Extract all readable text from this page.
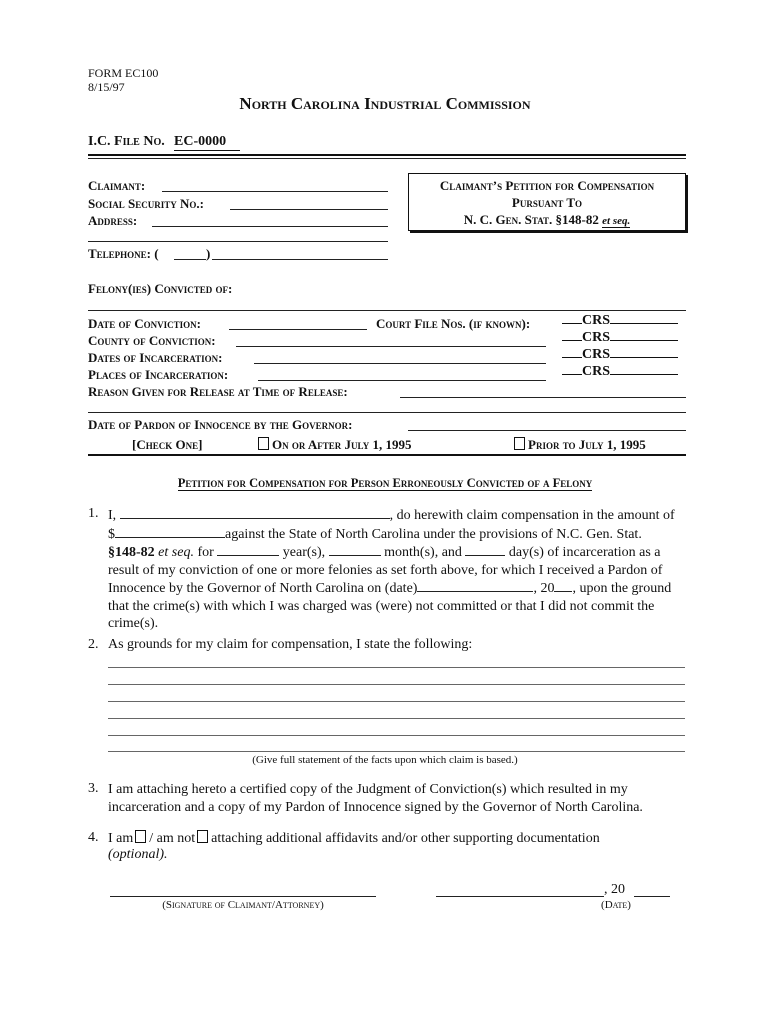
FORM EC100
8/15/97
North Carolina Industrial Commission
I.C. File No. EC-0000
Claimant:
Social Security No.:
Address:
Telephone: (	)
Claimant’s Petition for Compensation
Pursuant To
N. C. Gen. Stat. §148-82 et seq.
Felony(ies) Convicted of:
Date of Conviction:	Court File Nos. (if known):
County of Conviction:
Dates of Incarceration:
Places of Incarceration:
CRS
CRS
CRS
CRS
Reason Given for Release at Time of Release:
Date of Pardon of Innocence by the Governor:
[Check One]	On or After July 1, 1995	Prior to July 1, 1995
Petition for Compensation for Person Erroneously Convicted of a Felony
1. I,	, do herewith claim compensation in the amount of
$	against the State of North Carolina under the provisions of N.C. Gen. Stat.
§148-82 et seq. for	year(s),	month(s), and	day(s) of incarceration as a
result of my conviction of one or more felonies as set forth above, for which I received a Pardon of
Innocence by the Governor of North Carolina on (date)	, 20 , upon the ground
that the crime(s) with which I was charged was (were) not committed or that I did not commit the
crime(s).
2. As grounds for my claim for compensation, I state the following:
(Give full statement of the facts upon which claim is based.)
3. I am attaching hereto a certified copy of the Judgment of Conviction(s) which resulted in my
incarceration and a copy of my Pardon of Innocence signed by the Governor of North Carolina.
4. I am / am not attaching additional affidavits and/or other supporting documentation
(optional).
(Signature of Claimant/Attorney)
, 20
(Date)
